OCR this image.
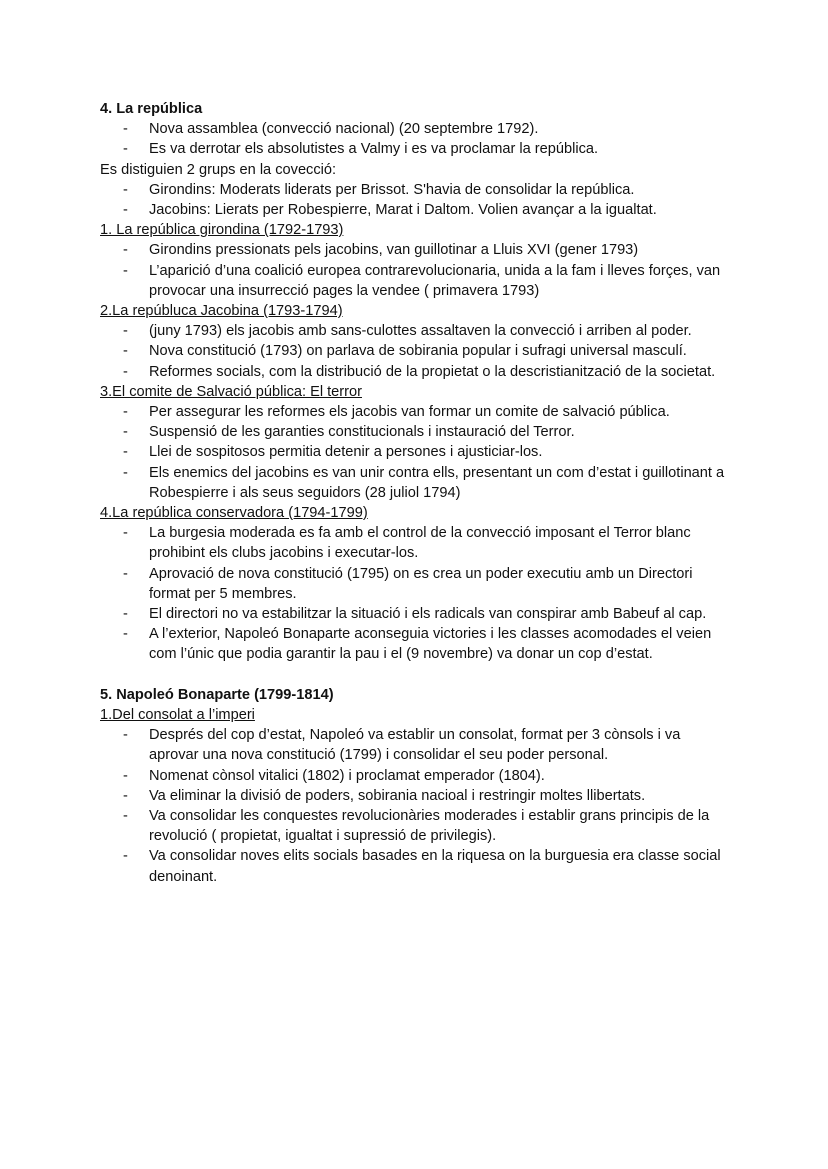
4. La república

- Nova assamblea (convecció nacional) (20 septembre 1792).
- Es va derrotar els absolutistes a Valmy i es va proclamar la república.

Es distiguien 2 grups en la covecció:

- Girondins: Moderats liderats per Brissot. S'havia de consolidar la república.
- Jacobins: Lierats per Robespierre, Marat i Daltom. Volien avançar a la igualtat.

1. La república girondina (1792-1793)

- Girondins pressionats pels jacobins, van guillotinar a Lluis XVI (gener 1793)
- L’aparició d’una coalició europea contrarevolucionaria, unida a la fam i lleves forçes, van provocar una insurrecció pages la vendee ( primavera 1793)

2.La repúbluca Jacobina (1793-1794)

- (juny 1793) els jacobis amb sans-culottes assaltaven la convecció i arriben al poder.
- Nova constitució (1793) on parlava de sobirania popular i sufragi universal masculí.
- Reformes socials, com la distribució de la propietat o la descristianització de la societat.

3.El comite de Salvació pública: El terror

- Per assegurar les reformes els jacobis van formar un comite de salvació pública.
- Suspensió de les garanties constitucionals i instauració del Terror.
- Llei de sospitosos permitia detenir a persones i ajusticiar-los.
- Els enemics del jacobins es van unir contra ells, presentant un com d’estat i guillotinant a Robespierre i als seus seguidors (28 juliol 1794)

4.La república conservadora (1794-1799)

- La burgesia moderada es fa amb el control de la convecció imposant el Terror blanc prohibint els clubs jacobins i executar-los.
- Aprovació de nova constitució (1795) on es crea un poder executiu amb un Directori format per 5 membres.
- El directori no va estabilitzar la situació i els radicals van conspirar amb Babeuf al cap.
- A l’exterior, Napoleó Bonaparte aconseguia victories i les classes acomodades el veien com l’únic que podia garantir la pau i el (9 novembre) va donar un cop d’estat.

5. Napoleó Bonaparte (1799-1814)

1.Del consolat a l’imperi

- Després del cop d’estat, Napoleó va establir un consolat, format per 3 cònsols i va aprovar una nova constitució (1799) i consolidar el seu poder personal.
- Nomenat cònsol vitalici (1802) i proclamat emperador (1804).
- Va eliminar la divisió de poders, sobirania nacioal i restringir moltes llibertats.
- Va consolidar les conquestes revolucionàries moderades i establir grans principis de la revolució ( propietat, igualtat i supressió de privilegis).
- Va consolidar noves elits socials basades en la riquesa on la burguesia era classe social denoinant.
